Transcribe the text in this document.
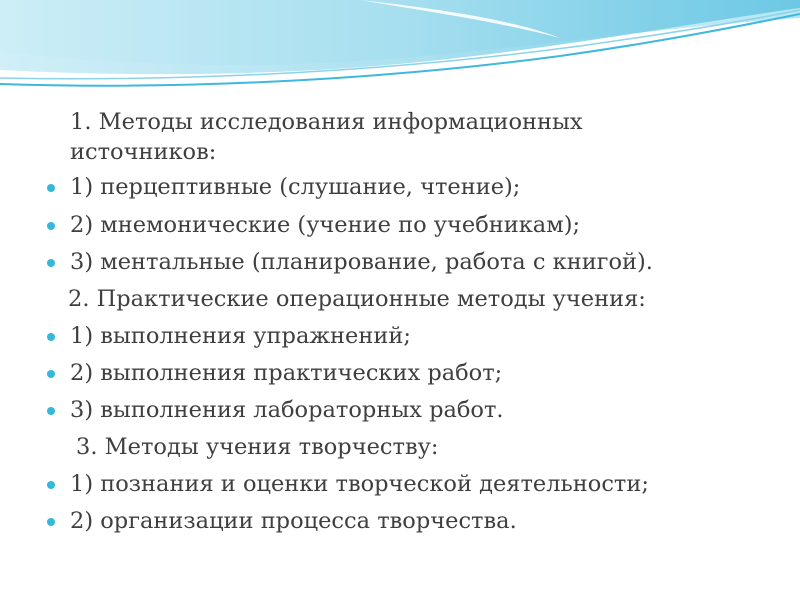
1. Методы исследования информационных
источников:
1) перцептивные (слушание, чтение);
2) мнемонические (учение по учебникам);
3) ментальные (планирование, работа с книгой).
2. Практические операционные методы учения:
1) выполнения упражнений;
2) выполнения практических работ;
3) выполнения лабораторных работ.
3. Методы учения творчеству:
1) познания и оценки творческой деятельности;
2) организации процесса творчества.
